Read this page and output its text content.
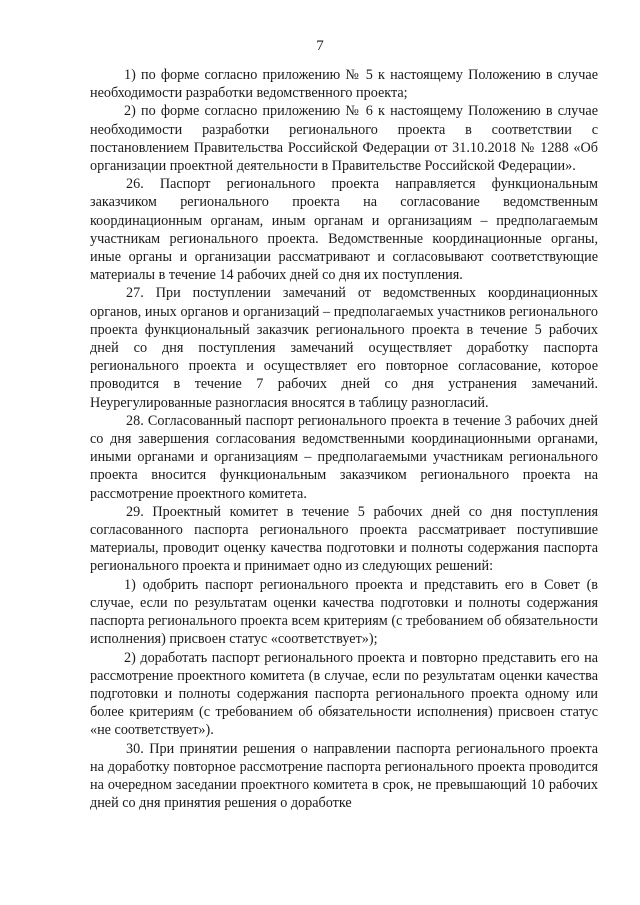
7

1) по форме согласно приложению № 5 к настоящему Положению в случае необходимости разработки ведомственного проекта;

2) по форме согласно приложению № 6 к настоящему Положению в случае необходимости разработки регионального проекта в соответствии с постановлением Правительства Российской Федерации от 31.10.2018 № 1288 «Об организации проектной деятельности в Правительстве Российской Федерации».

26. Паспорт регионального проекта направляется функциональным заказчиком регионального проекта на согласование ведомственным координационным органам, иным органам и организациям – предполагаемым участникам регионального проекта. Ведомственные координационные органы, иные органы и организации рассматривают и согласовывают соответствующие материалы в течение 14 рабочих дней со дня их поступления.

27. При поступлении замечаний от ведомственных координационных органов, иных органов и организаций – предполагаемых участников регионального проекта функциональный заказчик регионального проекта в течение 5 рабочих дней со дня поступления замечаний осуществляет доработку паспорта регионального проекта и осуществляет его повторное согласование, которое проводится в течение 7 рабочих дней со дня устранения замечаний. Неурегулированные разногласия вносятся в таблицу разногласий.

28. Согласованный паспорт регионального проекта в течение 3 рабочих дней со дня завершения согласования ведомственными координационными органами, иными органами и организациям – предполагаемыми участникам регионального проекта вносится функциональным заказчиком регионального проекта на рассмотрение проектного комитета.

29. Проектный комитет в течение 5 рабочих дней со дня поступления согласованного паспорта регионального проекта рассматривает поступившие материалы, проводит оценку качества подготовки и полноты содержания паспорта регионального проекта и принимает одно из следующих решений:

1) одобрить паспорт регионального проекта и представить его в Совет (в случае, если по результатам оценки качества подготовки и полноты содержания паспорта регионального проекта всем критериям (с требованием об обязательности исполнения) присвоен статус «соответствует»);

2) доработать паспорт регионального проекта и повторно представить его на рассмотрение проектного комитета (в случае, если по результатам оценки качества подготовки и полноты содержания паспорта регионального проекта одному или более критериям (с требованием об обязательности исполнения) присвоен статус «не соответствует»).

30. При принятии решения о направлении паспорта регионального проекта на доработку повторное рассмотрение паспорта регионального проекта проводится на очередном заседании проектного комитета в срок, не превышающий 10 рабочих дней со дня принятия решения о доработке
